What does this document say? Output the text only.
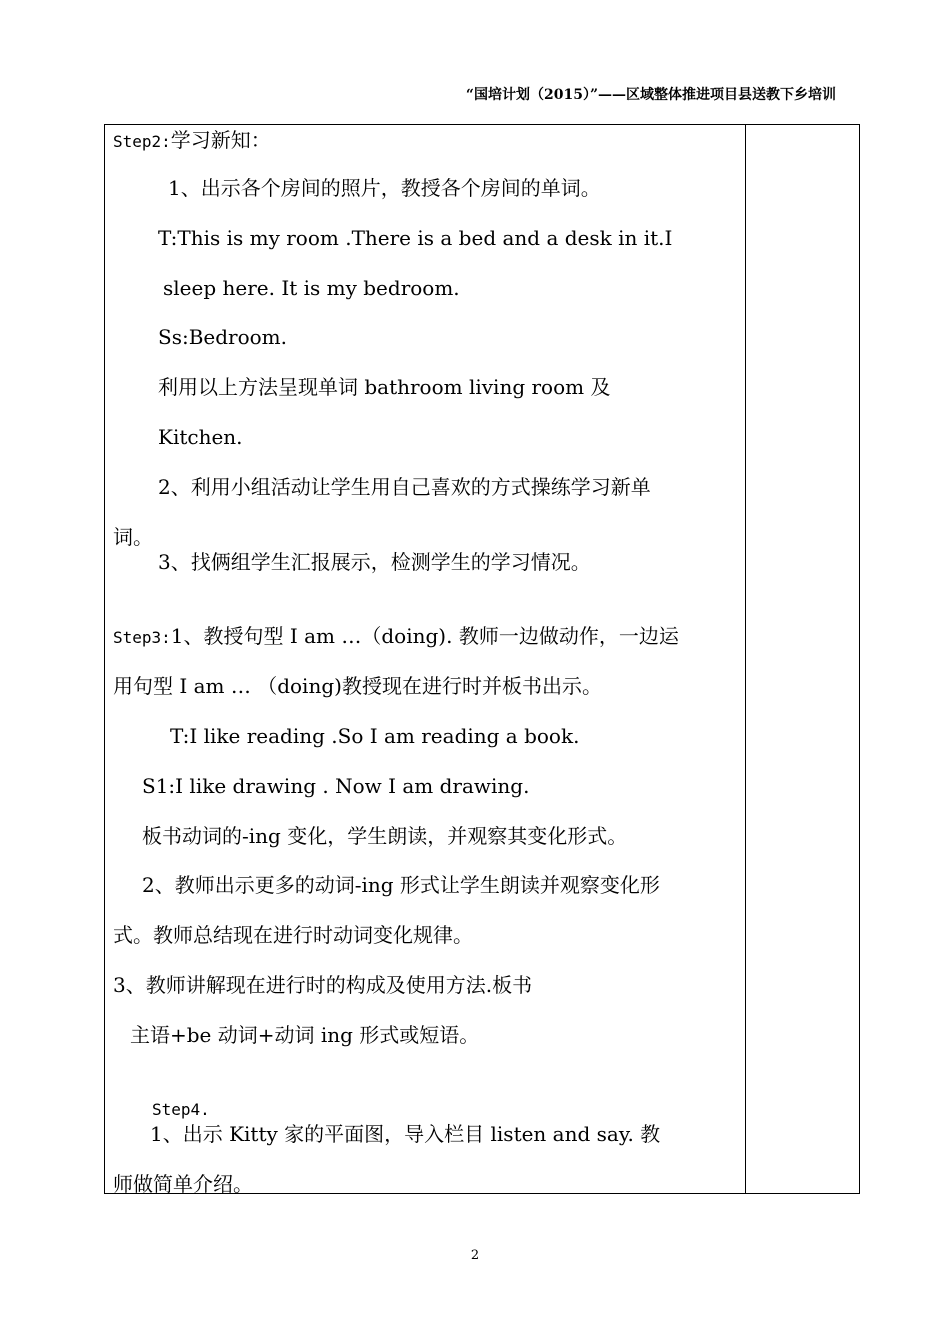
“国培计划（2015）”——区域整体推进项目县送教下乡培训
Step2:学习新知：
1、出示各个房间的照片，教授各个房间的单词。
T:This is my room .There is a bed and a desk in it.I
sleep here. It is my bedroom.
Ss:Bedroom.
利用以上方法呈现单词 bathroom living room 及
Kitchen.
2、利用小组活动让学生用自己喜欢的方式操练学习新单
词。
3、找俩组学生汇报展示，检测学生的学习情况。
Step3:1、教授句型 I am …（doing). 教师一边做动作，一边运
用句型 I am … （doing)教授现在进行时并板书出示。
T:I like reading .So I am reading a book.
S1:I like drawing . Now I am drawing.
板书动词的-ing 变化，学生朗读，并观察其变化形式。
2、教师出示更多的动词-ing 形式让学生朗读并观察变化形
式。教师总结现在进行时动词变化规律。
3、教师讲解现在进行时的构成及使用方法.板书
主语+be 动词+动词 ing 形式或短语。
Step4.
1、出示 Kitty 家的平面图，导入栏目 listen and say. 教
师做简单介绍。
2
